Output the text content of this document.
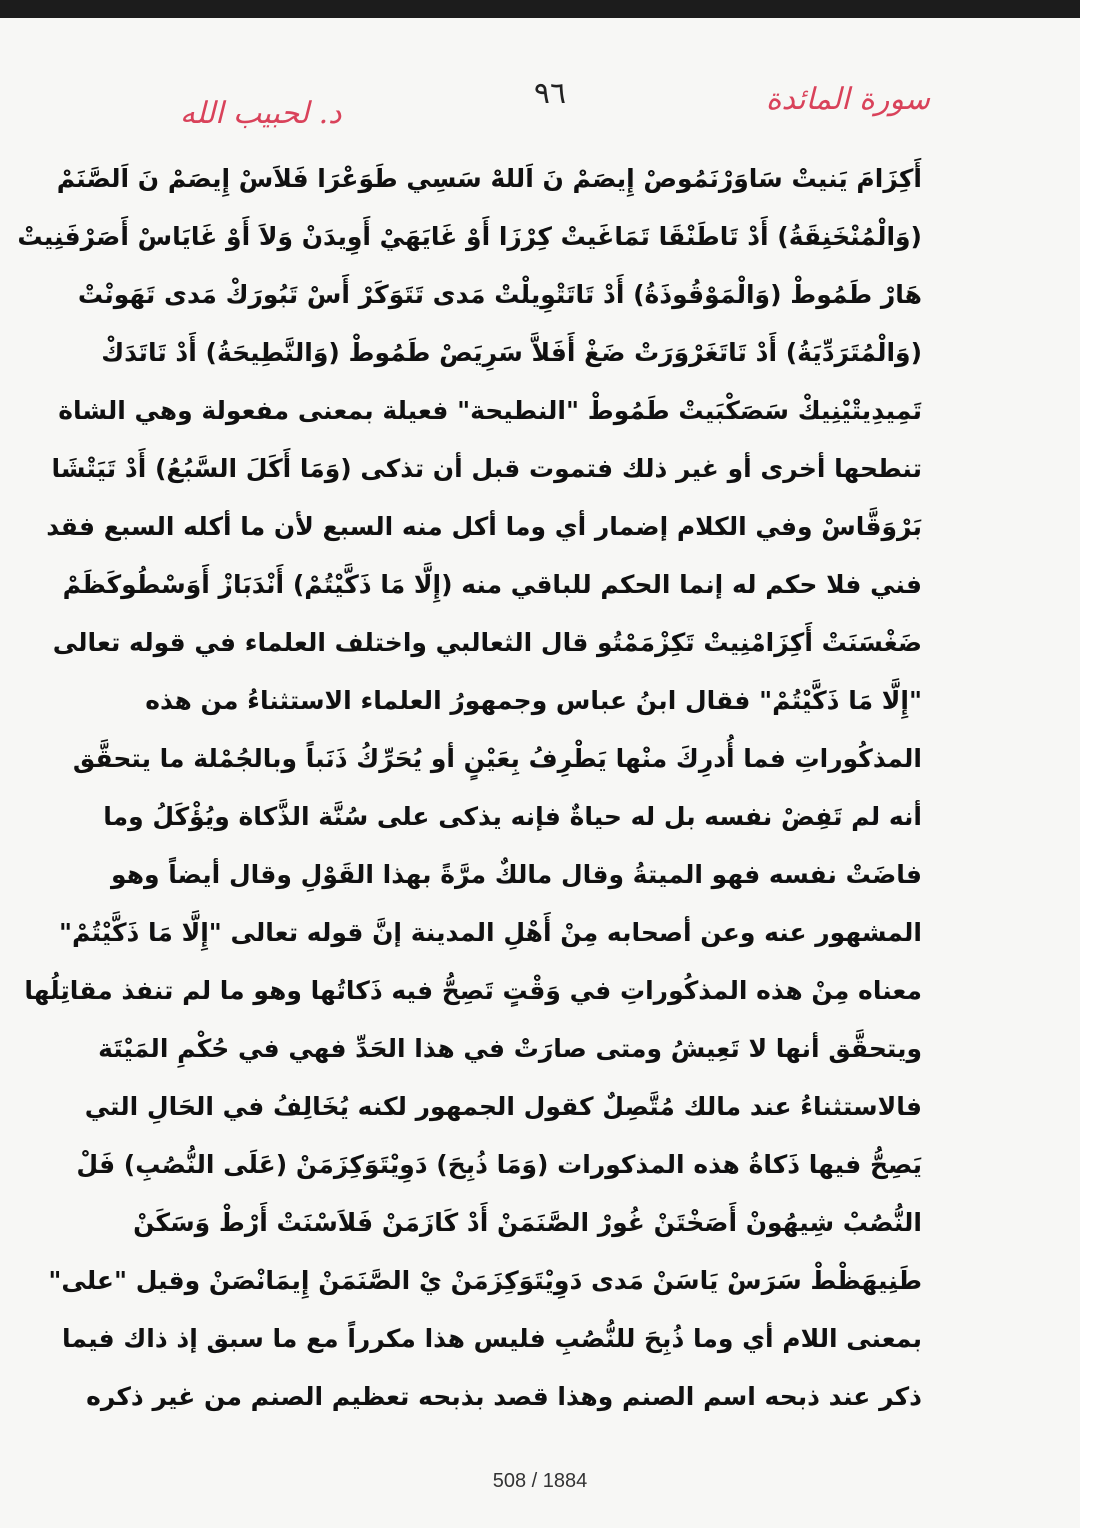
سورة المائدة
٩٦
د. لحبيب الله
أَكِزَامَ يَنيتْ سَاوَرْنَمُوصْ إِيصَمْ نَ اَللهْ سَسِي طَوَعْرَا فَلاَسْ إِيصَمْ نَ اَلصَّنَمْ
(وَالْمُنْخَنِقَةُ) أَدْ تَاطَنْقَا تَمَاغَيتْ كِرْزَا أَوْ غَايَهَيْ أَوِيدَنْ وَلاَ أَوْ غَايَاسْ أَصَرْفَنِيتْ
هَارْ طَمُوطْ (وَالْمَوْقُوذَةُ) أَدْ تَاتَتْوِيلْتْ مَدى تَتَوَكَرْ أَسْ تَبُورَكْ مَدى تَهَونْتْ
(وَالْمُتَرَدِّيَةُ) أَدْ تَاتَغَرْوَرَتْ ضَغْ أَفَلاَّ سَرِيَصْ طَمُوطْ (وَالنَّطِيحَةُ) أَدْ تَاتَدَكْ
تَمِيدِيتْيْنِيكْ سَصَكْبَيتْ طَمُوطْ "النطيحة" فعيلة بمعنى مفعولة وهي الشاة
تنطحها أخرى أو غير ذلك فتموت قبل أن تذكى (وَمَا أَكَلَ السَّبُعُ) أَدْ تَيَتْشَا
بَرْوَقَّاسْ وفي الكلام إضمار أي وما أكل منه السبع لأن ما أكله السبع فقد
فني فلا حكم له إنما الحكم للباقي منه (إِلَّا مَا ذَكَّيْتُمْ) أَنْدَبَازْ أَوَسْطُوكَظَمْ
ضَغْسَنَتْ أَكِزَامْنِيتْ تَكِزْمَمْتُو قال الثعالبي واختلف العلماء في قوله تعالى
"إِلَّا مَا ذَكَّيْتُمْ" فقال ابنُ عباس وجمهورُ العلماء الاستثناءُ من هذه
المذكُوراتِ فما أُدرِكَ منْها يَطْرِفُ بِعَيْنٍ أو يُحَرِّكُ ذَنَباً وبالجُمْلة ما يتحقَّق
أنه لم تَفِضْ نفسه بل له حياةٌ فإنه يذكى على سُنَّة الذَّكاة ويُؤْكَلُ وما
فاضَتْ نفسه فهو الميتةُ وقال مالكٌ مرَّةً بهذا القَوْلِ وقال أيضاً وهو
المشهور عنه وعن أصحابه مِنْ أَهْلِ المدينة إنَّ قوله تعالى "إِلَّا مَا ذَكَّيْتُمْ"
معناه مِنْ هذه المذكُوراتِ في وَقْتٍ تَصِحُّ فيه ذَكاتُها وهو ما لم تنفذ مقاتِلُها
ويتحقَّق أنها لا تَعِيشُ ومتى صارَتْ في هذا الحَدِّ فهي في حُكْمِ المَيْتَة
فالاستثناءُ عند مالك مُتَّصِلٌ كقول الجمهور لكنه يُخَالِفُ في الحَالِ التي
يَصِحُّ فيها ذَكاةُ هذه المذكورات (وَمَا ذُبِحَ) دَوِيْتَوَكِزَمَنْ (عَلَى النُّصُبِ) فَلْ
النُّصُبْ شِيهُونْ أَصَخْتَنْ غُورْ الصَّنَمَنْ أَدْ كَازَمَنْ فَلاَسْنَتْ أَرْطْ وَسَكَنْ
طَنِيهَظْطْ سَرَسْ يَاسَنْ مَدى دَوِيْتَوَكِزَمَنْ يْ الصَّنَمَنْ إِيمَانْصَنْ وقيل "على"
بمعنى اللام أي وما ذُبِحَ للنُّصُبِ فليس هذا مكرراً مع ما سبق إذ ذاك فيما
ذكر عند ذبحه اسم الصنم وهذا قصد بذبحه تعظيم الصنم من غير ذكره
508 / 1884
